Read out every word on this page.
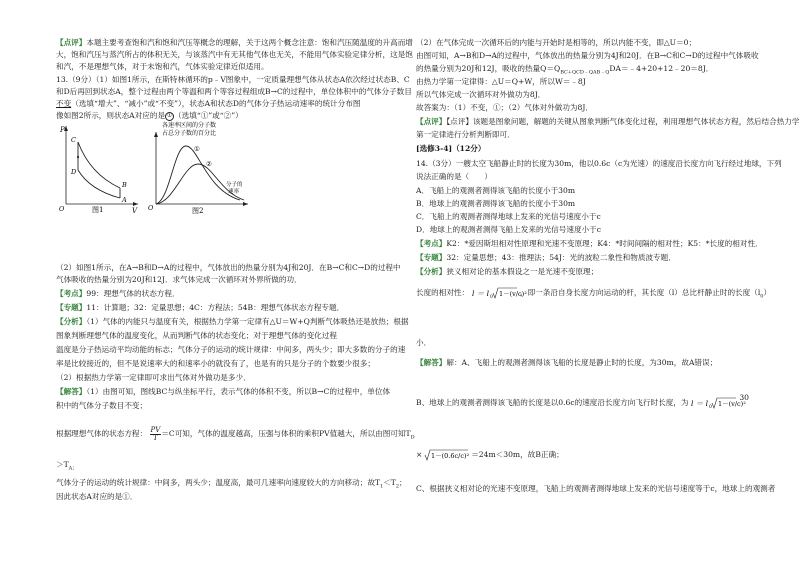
【点评】本题主要考查饱和汽和饱和汽压等概念的理解，关于这两个概念注意：饱和汽压随温度的升高而增
大，饱和汽压与蒸汽所占的体积无关，与该蒸汽中有无其他气体也无关，不能用气体实验定律分析，这是饱
和汽，不是理想气体，对于未饱和汽，气体实验定律近似适用。
13.（9分）（1）如图1所示，在斯特林循环的p﹣V图象中，一定质量理想气体从状态A依次经过状态B、C
和D后再回到状态A，整个过程由两个等温和两个等容过程组成B→C的过程中，单位体积中的气体分子数目
不变（选填“增大”、“减小”或“不变”），状态A和状态D的气体分子热运动速率的统计分布图
像如图2所示，则状态A对应的是 ① （选填“①”或“②”）
P
V
O
A
B
C
D
图1
各速率区间的分子数
占总分子数的百分比
O
①
②
分子的
速率
图2
（2）如图1所示，在A→B和D→A的过程中，气体放出的热量分别为4J和20J．在B→C和C→D的过程中
气体吸收的热量分别为20J和12J．求气体完成一次循环对外界所做的功．
【考点】99：理想气体的状态方程．
【专题】11：计算题；32：定量思想；4C：方程法；54B：理想气体状态方程专题．
【分析】（1）气体的内能只与温度有关，根据热力学第一定律有△U＝W+Q判断气体吸热还是放热；根据
图象判断理想气体的温度变化，从而判断气体的状态变化；对于理想气体的变化过程
温度是分子热运动平均动能的标志；气体分子的运动的统计规律：中间多，两头少；即大多数的分子的速
率是比较接近的，但不是说速率大的和速率小的就没有了，也是有的只是分子的个数要少很多；
（2）根据热力学第一定律即可求出气体对外做功是多少．
【解答】（1）由图可知，图线BC与纵坐标平行，表示气体的体积不变，所以B→C的过程中，单位体
积中的气体分子数目不变；
根据理想气体的状态方程： $\frac{PV}{T} =C$可知，气体的温度越高，压强与体积的乘积PV值越大，所以由图可知$T_D$
$>T_{A;}$
气体分子的运动的统计规律：中间多，两头少；温度高，最可几速率向速度较大的方向移动；故$T_1<T_2$；
因此状态A对应的是①．
（2）在气体完成一次循环后的内能与开始时是相等的，所以内能不变，即△U＝0；
由图可知，A→B和D→A的过程中，气体放出的热量分别为4J和20J．在B→C和C→D的过程中气体吸收
的热量分别为20J和12J，吸收的热量$Q=Q_{BC+QCD﹣QAB﹣Q}DA=﹣4+20+12﹣20=8J$．
由热力学第一定律得：△U＝Q+W，所以W＝﹣8J
所以气体完成一次循环对外做功为8J．
故答案为：（1）不变，①；（2）气体对外做功为8J．
【点评】【点评】该题是图象问题，解题的关键从图象判断气体变化过程，利用理想气体状态方程，然后结合热力学
第一定律进行分析判断即可．
[选修3-4]（12分）
14.（3分）一艘太空飞船静止时的长度为30m，他以0.6c（c为光速）的速度沿长度方向飞行经过地球，下列
说法正确的是（　　）
A．飞船上的观测者测得该飞船的长度小于30m
B．地球上的观测者测得该飞船的长度小于30m
C．飞船上的观测者测得地球上发来的光信号速度小于c
D．地球上的观测者测得飞船上发来的光信号速度小于c
【考点】K2：*爱因斯坦相对性原理和光速不变原理；K4：*时间间隔的相对性；K5：*长度的相对性．
【专题】32：定量思想；43：推理法；54J：光的波粒二象性和物质波专题．
【分析】狭义相对论的基本假设之一是光速不变原理；
长度的相对性： l ＝ l 0 1－(v/c)²
，即一条沿自身长度方向运动的杆，其长度（l）总比杆静止时的长度$(l_0)$
小．
【解答】解：A、飞船上的观测者测得该飞船的长度是静止时的长度，为30m，故A错误；
B、地球上的观测者测得该飞船的长度是以0.6c的速度沿长度方向飞行时长度，为 l ＝ l 0 1－(v/c)²
30
× 1－(0.6c/c)² ＝24m＜30m，故B正确；
C、根据狭义相对论的光速不变原理，飞船上的观测者测得地球上发来的光信号速度等于c，地球上的观测者
